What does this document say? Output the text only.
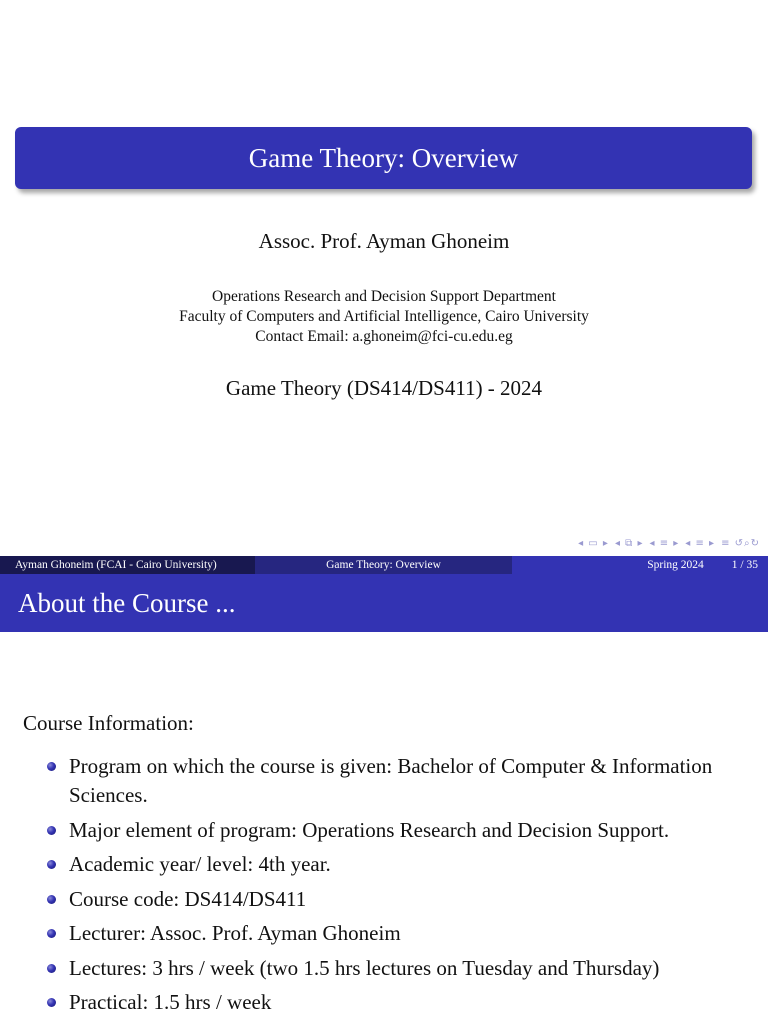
Game Theory: Overview
Assoc. Prof. Ayman Ghoneim
Operations Research and Decision Support Department
Faculty of Computers and Artificial Intelligence, Cairo University
Contact Email: a.ghoneim@fci-cu.edu.eg
Game Theory (DS414/DS411) - 2024
◂ ▭ ▸ ◂ ⧉ ▸ ◂ ≡ ▸ ◂ ≡ ▸ ≡ ↺⌕↻
Ayman Ghoneim (FCAI - Cairo University)	Game Theory: Overview	Spring 2024 1 / 35
About the Course ...
Course Information:
Program on which the course is given: Bachelor of Computer & Information Sciences.
Major element of program: Operations Research and Decision Support.
Academic year/ level: 4th year.
Course code: DS414/DS411
Lecturer: Assoc. Prof. Ayman Ghoneim
Lectures: 3 hrs / week (two 1.5 hrs lectures on Tuesday and Thursday)
Practical: 1.5 hrs / week
